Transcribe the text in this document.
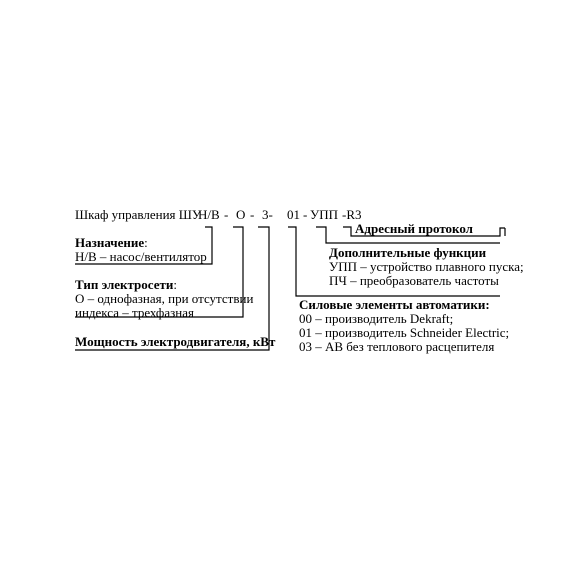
Шкаф управления ШУ
Н/В - О - 3- 01 - УПП -R3
Назначение:
Н/В – насос/вентилятор
Тип электросети:
О – однофазная, при отсутствии
индекса – трехфазная
Мощность электродвигателя, кВт
Адресный протокол
Дополнительные функции
УПП – устройство плавного пуска;
ПЧ – преобразователь частоты
Силовые элементы автоматики:
00 – производитель Dekraft;
01 – производитель Schneider Electric;
03 – АВ без теплового расцепителя
